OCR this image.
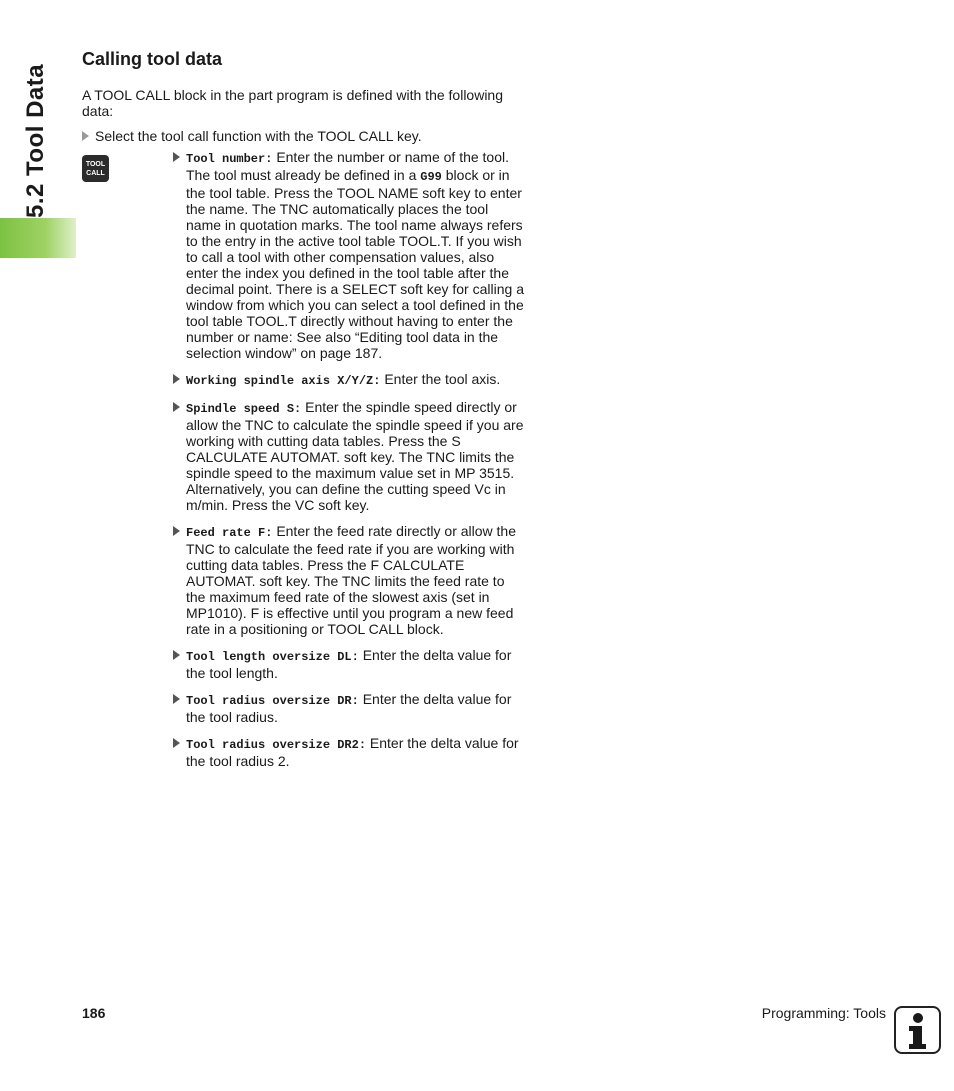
5.2 Tool Data
Calling tool data
A TOOL CALL block in the part program is defined with the following data:
Select the tool call function with the TOOL CALL key.
TOOL
CALL
Tool number: Enter the number or name of the tool. The tool must already be defined in a G99 block or in the tool table. Press the TOOL NAME soft key to enter the name. The TNC automatically places the tool name in quotation marks. The tool name always refers to the entry in the active tool table TOOL.T. If you wish to call a tool with other compensation values, also enter the index you defined in the tool table after the decimal point. There is a SELECT soft key for calling a window from which you can select a tool defined in the tool table TOOL.T directly without having to enter the number or name: See also “Editing tool data in the selection window” on page 187.
Working spindle axis X/Y/Z: Enter the tool axis.
Spindle speed S: Enter the spindle speed directly or allow the TNC to calculate the spindle speed if you are working with cutting data tables. Press the S CALCULATE AUTOMAT. soft key. The TNC limits the spindle speed to the maximum value set in MP 3515. Alternatively, you can define the cutting speed Vc in m/min. Press the VC soft key.
Feed rate F: Enter the feed rate directly or allow the TNC to calculate the feed rate if you are working with cutting data tables. Press the F CALCULATE AUTOMAT. soft key. The TNC limits the feed rate to the maximum feed rate of the slowest axis (set in MP1010). F is effective until you program a new feed rate in a positioning or TOOL CALL block.
Tool length oversize DL: Enter the delta value for the tool length.
Tool radius oversize DR: Enter the delta value for the tool radius.
Tool radius oversize DR2: Enter the delta value for the tool radius 2.
186	Programming: Tools
